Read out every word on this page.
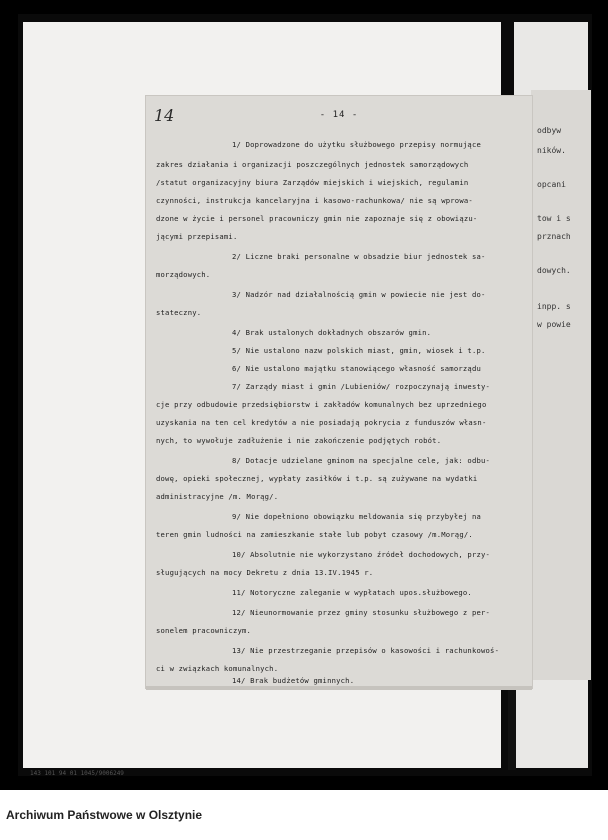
odbyw
ników.
opcani
tow i s
prznach
dowych.
inpp. s
w powie
14	- 14 -
1/ Doprowadzone do użytku służbowego przepisy normujące
zakres działania i organizacji poszczególnych jednostek samorządowych
/statut organizacyjny biura Zarządów miejskich i wiejskich, regulamin
czynności, instrukcja kancelaryjna i kasowo-rachunkowa/ nie są wprowa-
dzone w życie i personel pracowniczy gmin nie zapoznaje się z obowiązu-
jącymi przepisami.
2/ Liczne braki personalne w obsadzie biur jednostek sa-
morządowych.
3/ Nadzór nad działalnością gmin w powiecie nie jest do-
stateczny.
4/ Brak ustalonych dokładnych obszarów gmin.
5/ Nie ustalono nazw polskich miast, gmin, wiosek i t.p.
6/ Nie ustalono majątku stanowiącego własność samorządu
7/ Zarządy miast i gmin /Lubieniów/ rozpoczynają inwesty-
cje przy odbudowie przedsiębiorstw i zakładów komunalnych bez uprzedniego
uzyskania na ten cel kredytów a nie posiadają pokrycia z funduszów własn-
nych, to wywołuje zadłużenie i nie zakończenie podjętych robót.
8/ Dotacje udzielane gminom na specjalne cele, jak: odbu-
dowę, opieki społecznej, wypłaty zasiłków i t.p. są zużywane na wydatki
administracyjne /m. Morąg/.
9/ Nie dopełniono obowiązku meldowania się przybyłej na
teren gmin ludności na zamieszkanie stałe lub pobyt czasowy /m.Morąg/.
10/ Absolutnie nie wykorzystano źródeł dochodowych, przy-
sługujących na mocy Dekretu z dnia 13.IV.1945 r.
11/ Notoryczne zaleganie w wypłatach upos.służbowego.
12/ Nieunormowanie przez gminy stosunku służbowego z per-
sonelem pracowniczym.
13/ Nie przestrzeganie przepisów o kasowości i rachunkowoś-
ci w związkach komunalnych.
14/ Brak budżetów gminnych.
143 101 94 01 1045/9006249
Archiwum Państwowe w Olsztynie
